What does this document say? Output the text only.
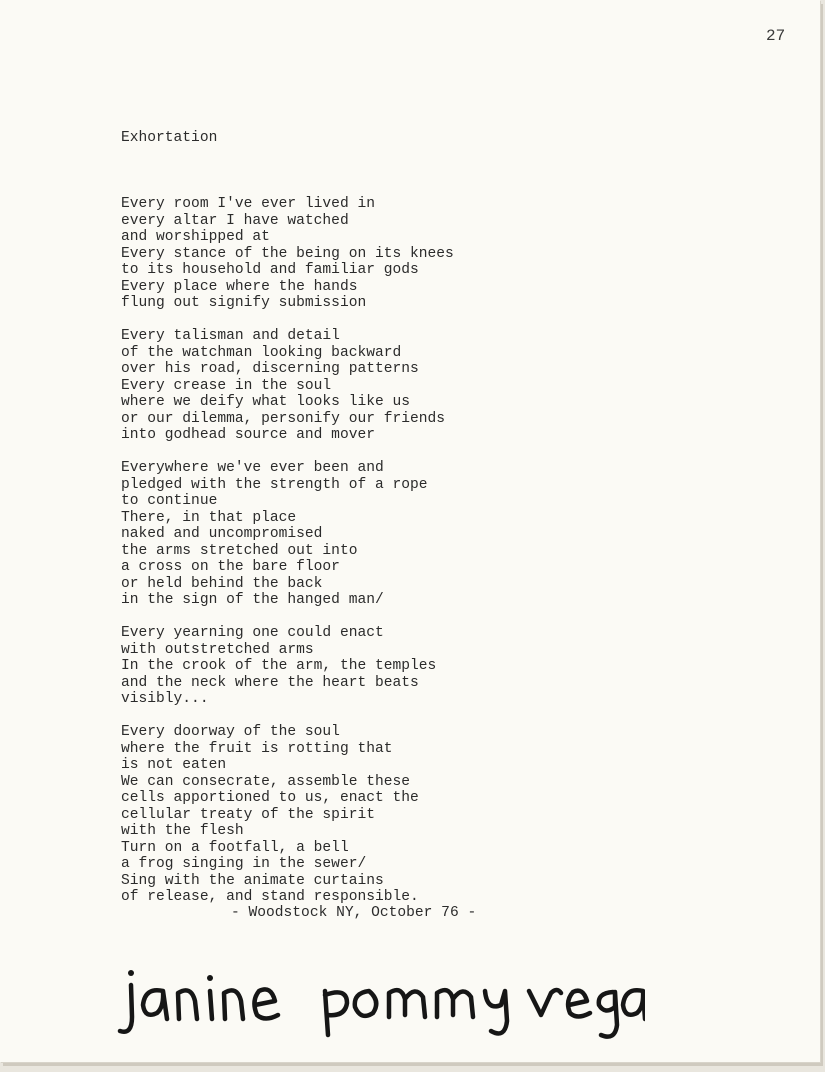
27

Exhortation

Every room I've ever lived in
every altar I have watched
and worshipped at
Every stance of the being on its knees
to its household and familiar gods
Every place where the hands
flung out signify submission
Every talisman and detail
of the watchman looking backward
over his road, discerning patterns
Every crease in the soul
where we deify what looks like us
or our dilemma, personify our friends
into godhead source and mover
Everywhere we've ever been and
pledged with the strength of a rope
to continue
There, in that place
naked and uncompromised
the arms stretched out into
a cross on the bare floor
or held behind the back
in the sign of the hanged man/
Every yearning one could enact
with outstretched arms
In the crook of the arm, the temples
and the neck where the heart beats
visibly...
Every doorway of the soul
where the fruit is rotting that
is not eaten
We can consecrate, assemble these
cells apportioned to us, enact the
cellular treaty of the spirit
with the flesh
Turn on a footfall, a bell
a frog singing in the sewer/
Sing with the animate curtains
of release, and stand responsible.

- Woodstock NY, October 76 -
